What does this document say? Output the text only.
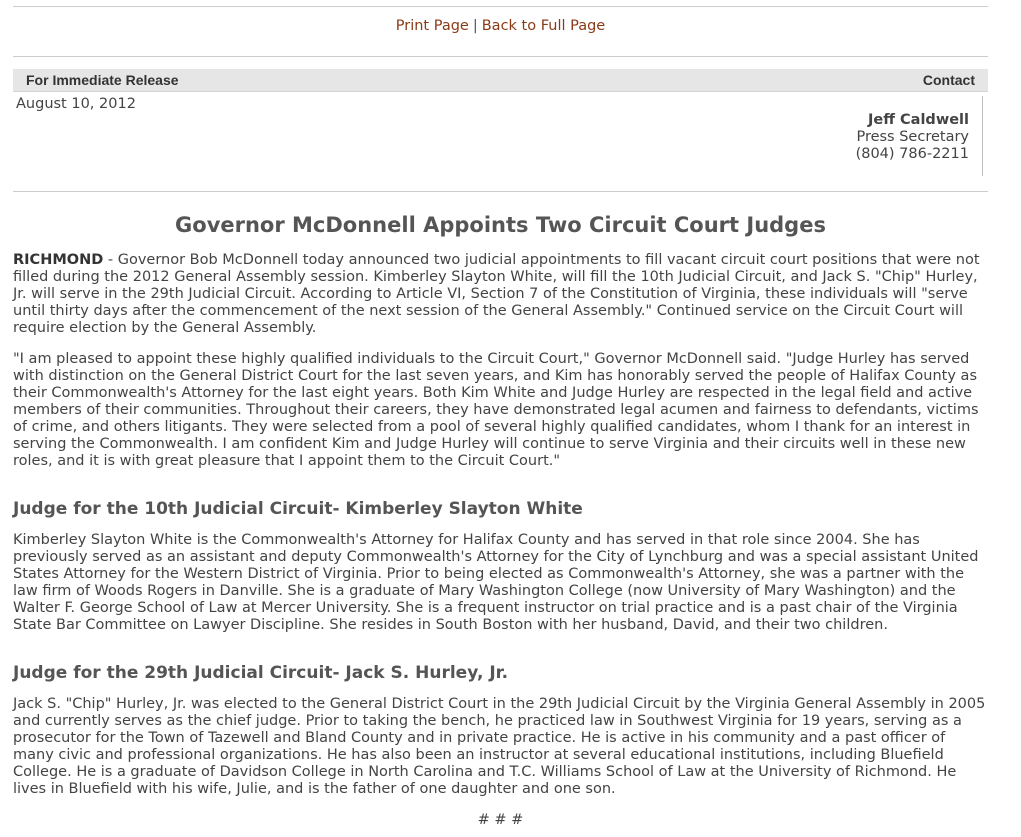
Print Page | Back to Full Page
For Immediate Release	Contact
August 10, 2012
Jeff Caldwell
Press Secretary
(804) 786-2211
Governor McDonnell Appoints Two Circuit Court Judges

RICHMOND - Governor Bob McDonnell today announced two judicial appointments to fill vacant circuit court positions that were not filled during the 2012 General Assembly session. Kimberley Slayton White, will fill the 10th Judicial Circuit, and Jack S. "Chip" Hurley, Jr. will serve in the 29th Judicial Circuit. According to Article VI, Section 7 of the Constitution of Virginia, these individuals will "serve until thirty days after the commencement of the next session of the General Assembly." Continued service on the Circuit Court will require election by the General Assembly.

"I am pleased to appoint these highly qualified individuals to the Circuit Court," Governor McDonnell said. "Judge Hurley has served with distinction on the General District Court for the last seven years, and Kim has honorably served the people of Halifax County as their Commonwealth's Attorney for the last eight years. Both Kim White and Judge Hurley are respected in the legal field and active members of their communities. Throughout their careers, they have demonstrated legal acumen and fairness to defendants, victims of crime, and others litigants. They were selected from a pool of several highly qualified candidates, whom I thank for an interest in serving the Commonwealth. I am confident Kim and Judge Hurley will continue to serve Virginia and their circuits well in these new roles, and it is with great pleasure that I appoint them to the Circuit Court."

Judge for the 10th Judicial Circuit- Kimberley Slayton White

Kimberley Slayton White is the Commonwealth's Attorney for Halifax County and has served in that role since 2004. She has previously served as an assistant and deputy Commonwealth's Attorney for the City of Lynchburg and was a special assistant United States Attorney for the Western District of Virginia. Prior to being elected as Commonwealth's Attorney, she was a partner with the law firm of Woods Rogers in Danville. She is a graduate of Mary Washington College (now University of Mary Washington) and the Walter F. George School of Law at Mercer University. She is a frequent instructor on trial practice and is a past chair of the Virginia State Bar Committee on Lawyer Discipline. She resides in South Boston with her husband, David, and their two children.

Judge for the 29th Judicial Circuit- Jack S. Hurley, Jr.

Jack S. "Chip" Hurley, Jr. was elected to the General District Court in the 29th Judicial Circuit by the Virginia General Assembly in 2005 and currently serves as the chief judge. Prior to taking the bench, he practiced law in Southwest Virginia for 19 years, serving as a prosecutor for the Town of Tazewell and Bland County and in private practice. He is active in his community and a past officer of many civic and professional organizations. He has also been an instructor at several educational institutions, including Bluefield College. He is a graduate of Davidson College in North Carolina and T.C. Williams School of Law at the University of Richmond. He lives in Bluefield with his wife, Julie, and is the father of one daughter and one son.

# # #
